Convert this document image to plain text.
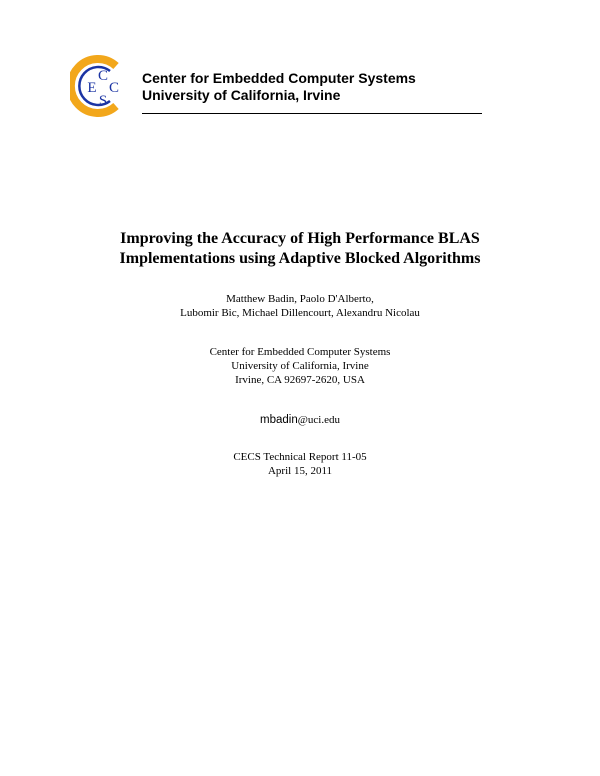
C
E C
S
Center for Embedded Computer Systems
University of California, Irvine
Improving the Accuracy of High Performance BLAS
Implementations using Adaptive Blocked Algorithms
Matthew Badin, Paolo D'Alberto,
Lubomir Bic, Michael Dillencourt, Alexandru Nicolau
Center for Embedded Computer Systems
University of California, Irvine
Irvine, CA 92697-2620, USA
mbadin@uci.edu
CECS Technical Report 11-05
April 15, 2011
